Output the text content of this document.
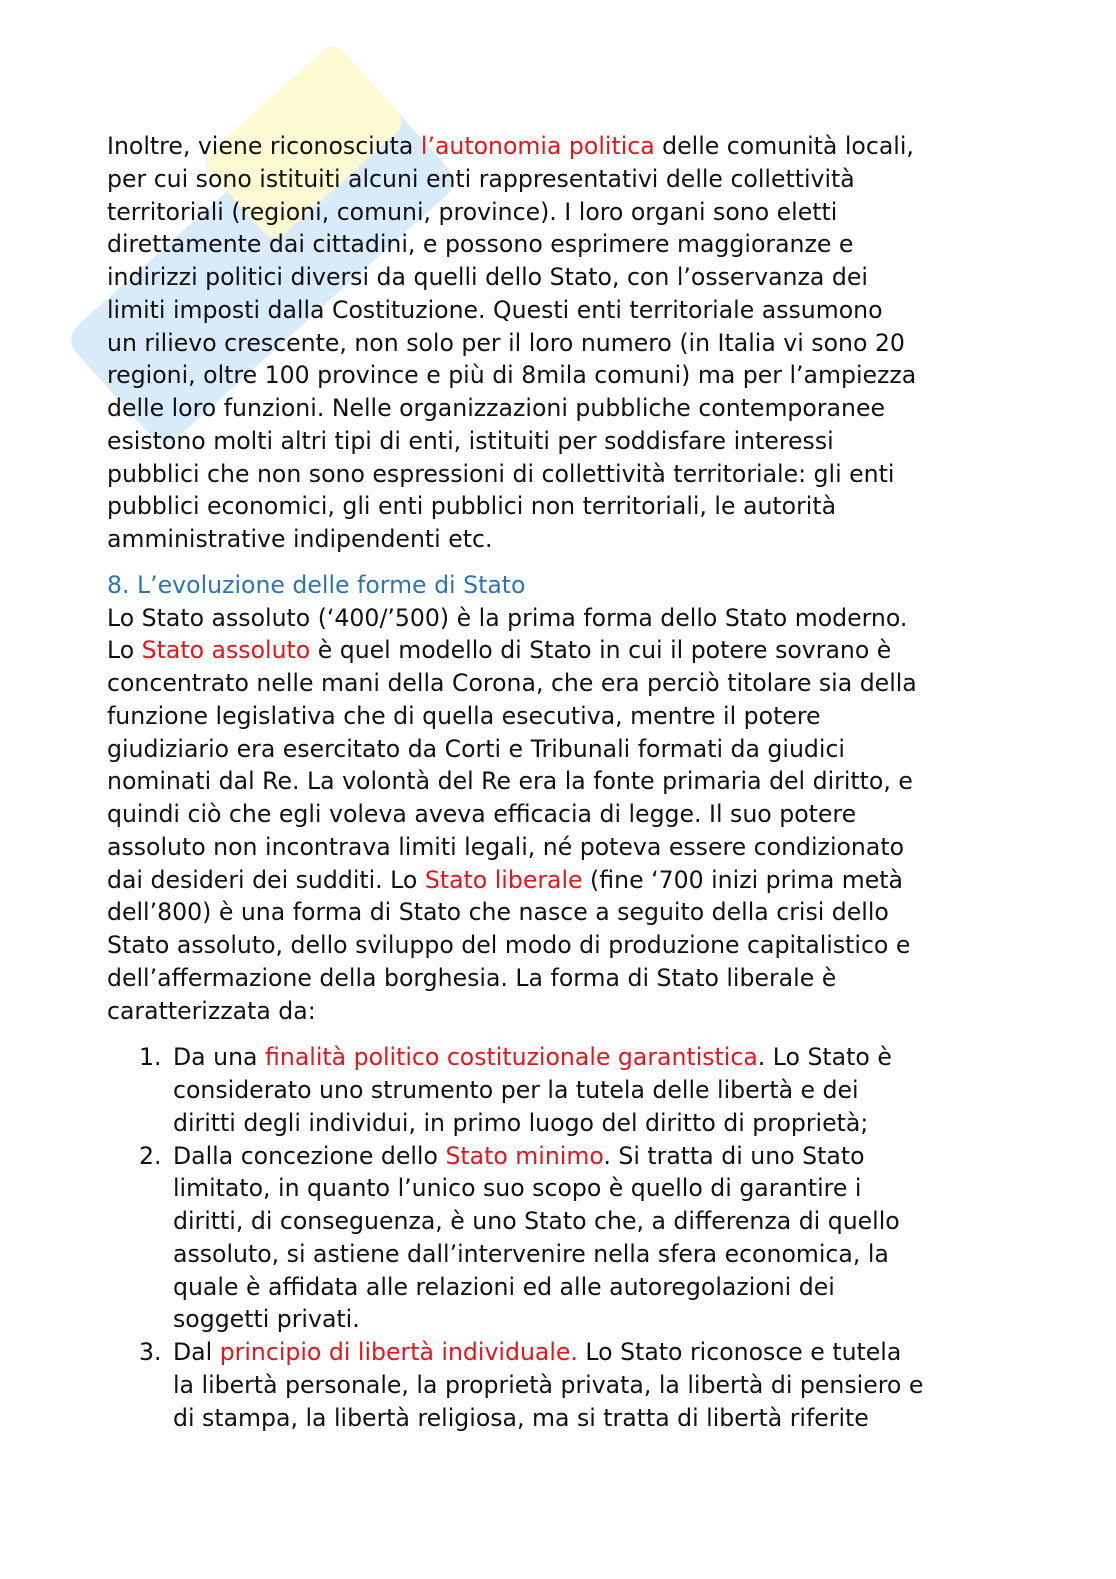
Inoltre, viene riconosciuta l’autonomia politica delle comunità locali,
per cui sono istituiti alcuni enti rappresentativi delle collettività
territoriali (regioni, comuni, province). I loro organi sono eletti
direttamente dai cittadini, e possono esprimere maggioranze e
indirizzi politici diversi da quelli dello Stato, con l’osservanza dei
limiti imposti dalla Costituzione. Questi enti territoriale assumono
un rilievo crescente, non solo per il loro numero (in Italia vi sono 20
regioni, oltre 100 province e più di 8mila comuni) ma per l’ampiezza
delle loro funzioni. Nelle organizzazioni pubbliche contemporanee
esistono molti altri tipi di enti, istituiti per soddisfare interessi
pubblici che non sono espressioni di collettività territoriale: gli enti
pubblici economici, gli enti pubblici non territoriali, le autorità
amministrative indipendenti etc.
8. L’evoluzione delle forme di Stato
Lo Stato assoluto (‘400/’500) è la prima forma dello Stato moderno.
Lo Stato assoluto è quel modello di Stato in cui il potere sovrano è
concentrato nelle mani della Corona, che era perciò titolare sia della
funzione legislativa che di quella esecutiva, mentre il potere
giudiziario era esercitato da Corti e Tribunali formati da giudici
nominati dal Re. La volontà del Re era la fonte primaria del diritto, e
quindi ciò che egli voleva aveva efficacia di legge. Il suo potere
assoluto non incontrava limiti legali, né poteva essere condizionato
dai desideri dei sudditi. Lo Stato liberale (fine ‘700 inizi prima metà
dell’800) è una forma di Stato che nasce a seguito della crisi dello
Stato assoluto, dello sviluppo del modo di produzione capitalistico e
dell’affermazione della borghesia. La forma di Stato liberale è
caratterizzata da:
1. Da una finalità politico costituzionale garantistica. Lo Stato è
considerato uno strumento per la tutela delle libertà e dei
diritti degli individui, in primo luogo del diritto di proprietà;
2. Dalla concezione dello Stato minimo. Si tratta di uno Stato
limitato, in quanto l’unico suo scopo è quello di garantire i
diritti, di conseguenza, è uno Stato che, a differenza di quello
assoluto, si astiene dall’intervenire nella sfera economica, la
quale è affidata alle relazioni ed alle autoregolazioni dei
soggetti privati.
3. Dal principio di libertà individuale. Lo Stato riconosce e tutela
la libertà personale, la proprietà privata, la libertà di pensiero e
di stampa, la libertà religiosa, ma si tratta di libertà riferite
